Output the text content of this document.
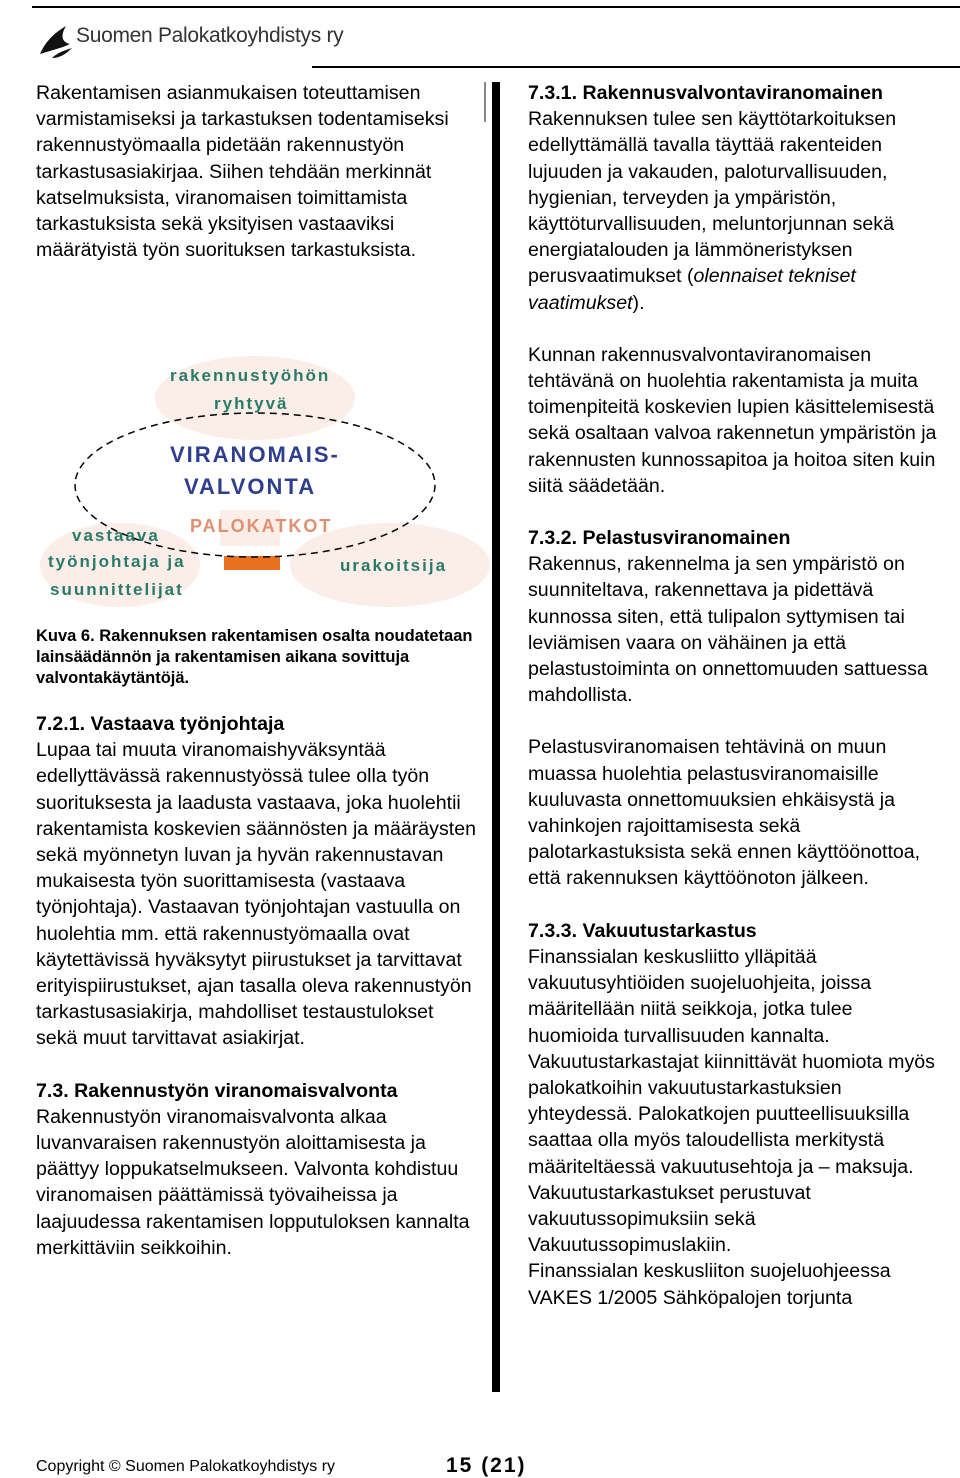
Suomen Palokatkoyhdistys ry

Rakentamisen asianmukaisen toteuttamisen varmistamiseksi ja tarkastuksen todentamiseksi rakennustyömaalla pidetään rakennustyön tarkastusasiakirjaa. Siihen tehdään merkinnät katselmuksista, viranomaisen toimittamista tarkastuksista sekä yksityisen vastaaviksi määrätyistä työn suorituksen tarkastuksista.

rakennustyöhön
ryhtyvä
VIRANOMAIS-
VALVONTA
PALOKATKOT
vastaava
työnjohtaja ja
suunnittelijat
urakoitsija

Kuva 6. Rakennuksen rakentamisen osalta noudatetaan lainsäädännön ja rakentamisen aikana sovittuja valvontakäytäntöjä.

7.2.1. Vastaava työnjohtaja

Lupaa tai muuta viranomaishyväksyntää edellyttävässä rakennustyössä tulee olla työn suorituksesta ja laadusta vastaava, joka huolehtii rakentamista koskevien säännösten ja määräysten sekä myönnetyn luvan ja hyvän rakennustavan mukaisesta työn suorittamisesta (vastaava työnjohtaja). Vastaavan työnjohtajan vastuulla on huolehtia mm. että rakennustyömaalla ovat käytettävissä hyväksytyt piirustukset ja tarvittavat erityispiirustukset, ajan tasalla oleva rakennustyön tarkastusasiakirja, mahdolliset testaustulokset sekä muut tarvittavat asiakirjat.

7.3. Rakennustyön viranomaisvalvonta

Rakennustyön viranomaisvalvonta alkaa luvanvaraisen rakennustyön aloittamisesta ja päättyy loppukatselmukseen. Valvonta kohdistuu viranomaisen päättämissä työvaiheissa ja laajuudessa rakentamisen lopputuloksen kannalta merkittäviin seikkoihin.

7.3.1. Rakennusvalvontaviranomainen

Rakennuksen tulee sen käyttötarkoituksen edellyttämällä tavalla täyttää rakenteiden lujuuden ja vakauden, paloturvallisuuden, hygienian, terveyden ja ympäristön, käyttöturvallisuuden, meluntorjunnan sekä energiatalouden ja lämmöneristyksen perusvaatimukset (olennaiset tekniset vaatimukset).

Kunnan rakennusvalvontaviranomaisen tehtävänä on huolehtia rakentamista ja muita toimenpiteitä koskevien lupien käsittelemisestä sekä osaltaan valvoa rakennetun ympäristön ja rakennusten kunnossapitoa ja hoitoa siten kuin siitä säädetään.

7.3.2. Pelastusviranomainen

Rakennus, rakennelma ja sen ympäristö on suunniteltava, rakennettava ja pidettävä kunnossa siten, että tulipalon syttymisen tai leviämisen vaara on vähäinen ja että pelastustoiminta on onnettomuuden sattuessa mahdollista.

Pelastusviranomaisen tehtävinä on muun muassa huolehtia pelastusviranomaisille kuuluvasta onnettomuuksien ehkäisystä ja vahinkojen rajoittamisesta sekä palotarkastuksista sekä ennen käyttöönottoa, että rakennuksen käyttöönoton jälkeen.

7.3.3. Vakuutustarkastus

Finanssialan keskusliitto ylläpitää vakuutusyhtiöiden suojeluohjeita, joissa määritellään niitä seikkoja, jotka tulee huomioida turvallisuuden kannalta. Vakuutustarkastajat kiinnittävät huomiota myös palokatkoihin vakuutustarkastuksien yhteydessä. Palokatkojen puutteellisuuksilla saattaa olla myös taloudellista merkitystä määriteltäessä vakuutusehtoja ja – maksuja. Vakuutustarkastukset perustuvat vakuutussopimuksiin sekä Vakuutussopimuslakiin.

Finanssialan keskusliiton suojeluohjeessa VAKES 1/2005 Sähköpalojen torjunta

Copyright © Suomen Palokatkoyhdistys ry	15 (21)
